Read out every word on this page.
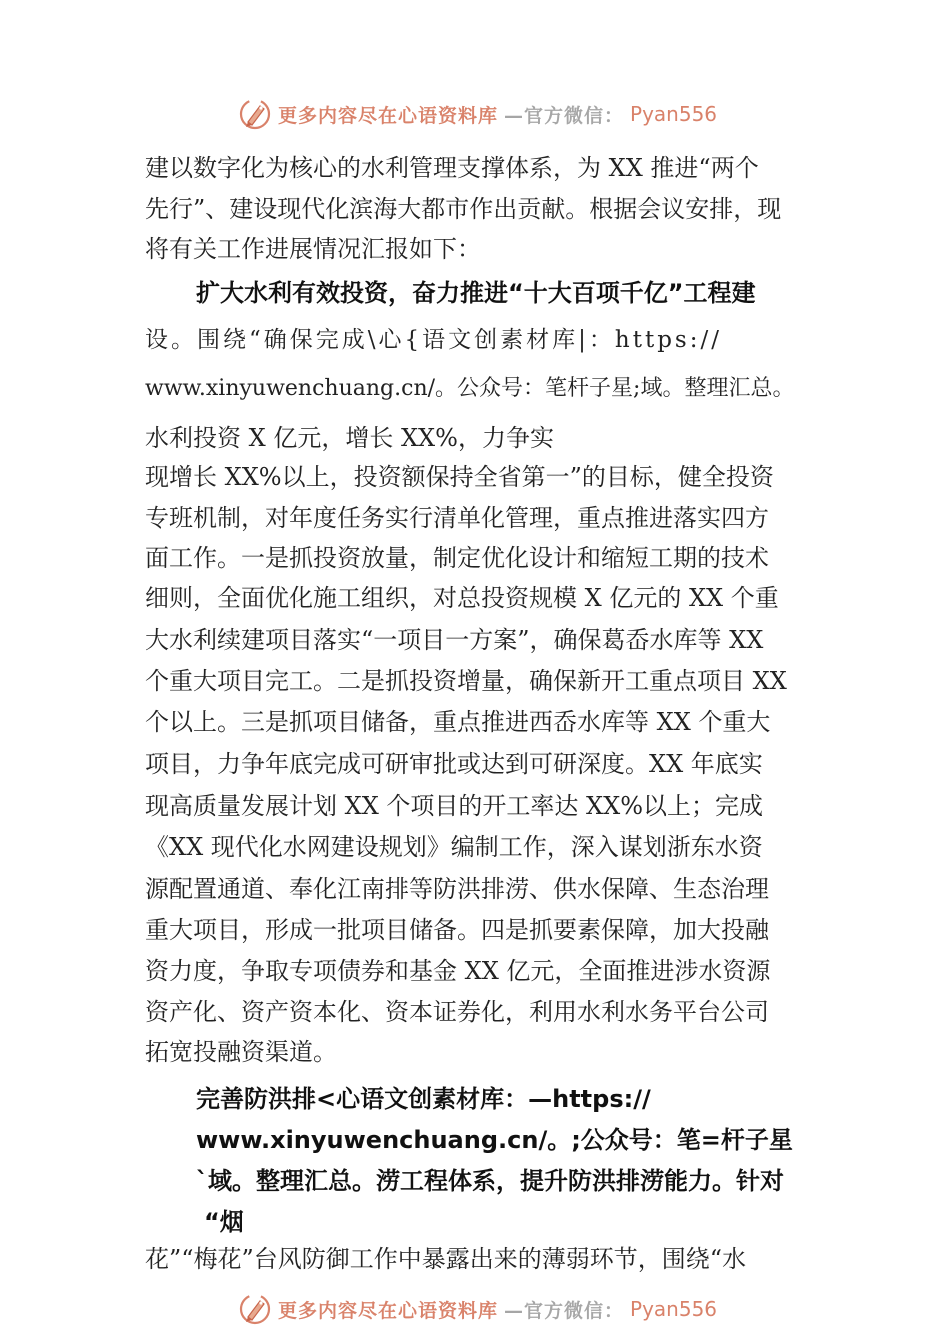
更多内容尽在心语资料库 —官方微信： Pyan556
建以数字化为核心的水利管理支撑体系，为 XX 推进“两个
先行”、建设现代化滨海大都市作出贡献。根据会议安排，现
将有关工作进展情况汇报如下：
扩大水利有效投资，奋力推进“十大百项千亿”工程建
设。围绕“确保完成\心{语文创素材库|：https://
www.xinyuwenchuang.cn/。公众号：笔杆子星;域。整理汇总。
水利投资 X 亿元，增长 XX%，力争实
现增长 XX%以上，投资额保持全省第一”的目标，健全投资
专班机制，对年度任务实行清单化管理，重点推进落实四方
面工作。一是抓投资放量，制定优化设计和缩短工期的技术
细则，全面优化施工组织，对总投资规模 X 亿元的 XX 个重
大水利续建项目落实“一项目一方案”，确保葛岙水库等 XX
个重大项目完工。二是抓投资增量，确保新开工重点项目 XX
个以上。三是抓项目储备，重点推进西岙水库等 XX 个重大
项目，力争年底完成可研审批或达到可研深度。XX 年底实
现高质量发展计划 XX 个项目的开工率达 XX%以上；完成
《XX 现代化水网建设规划》编制工作，深入谋划浙东水资
源配置通道、奉化江南排等防洪排涝、供水保障、生态治理
重大项目，形成一批项目储备。四是抓要素保障，加大投融
资力度，争取专项债券和基金 XX 亿元，全面推进涉水资源
资产化、资产资本化、资本证券化，利用水利水务平台公司
拓宽投融资渠道。
完善防洪排<心语文创素材库：—https://
www.xinyuwenchuang.cn/。;公众号：笔=杆子星
`域。整理汇总。涝工程体系，提升防洪排涝能力。针对
“烟
花”“梅花”台风防御工作中暴露出来的薄弱环节，围绕“水
更多内容尽在心语资料库 —官方微信： Pyan556
